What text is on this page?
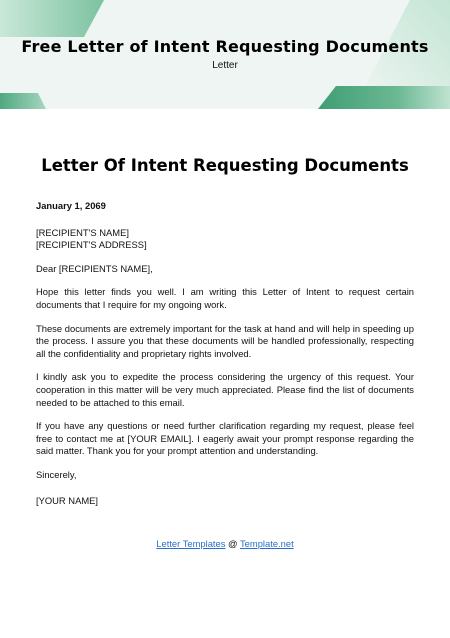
Free Letter of Intent Requesting Documents
Letter
Letter Of Intent Requesting Documents
January 1, 2069
[RECIPIENT'S NAME]
[RECIPIENT'S ADDRESS]
Dear [RECIPIENTS NAME],
Hope this letter finds you well. I am writing this Letter of Intent to request certain documents that I require for my ongoing work.
These documents are extremely important for the task at hand and will help in speeding up the process. I assure you that these documents will be handled professionally, respecting all the confidentiality and proprietary rights involved.
I kindly ask you to expedite the process considering the urgency of this request. Your cooperation in this matter will be very much appreciated. Please find the list of documents needed to be attached to this email.
If you have any questions or need further clarification regarding my request, please feel free to contact me at [YOUR EMAIL]. I eagerly await your prompt response regarding the said matter. Thank you for your prompt attention and understanding.
Sincerely,
[YOUR NAME]
Letter Templates @ Template.net
